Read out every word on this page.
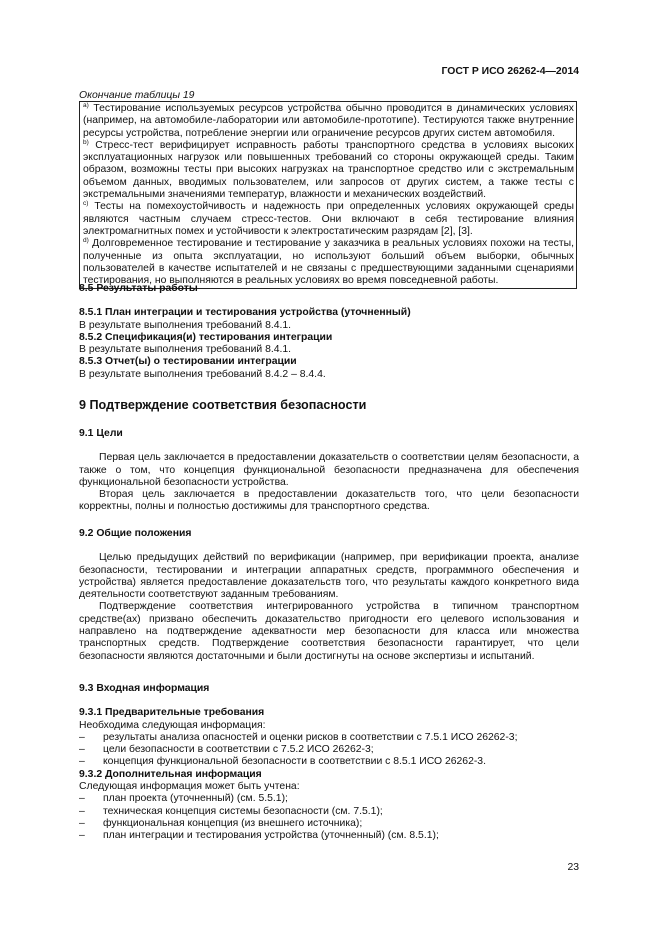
ГОСТ Р ИСО 26262-4—2014
Окончание таблицы 19

$^{a)}$ Тестирование используемых ресурсов устройства обычно проводится в динамических условиях (например, на автомобиле-лаборатории или автомобиле-прототипе). Тестируются также внутренние ресурсы устройства, потребление энергии или ограничение ресурсов других систем автомобиля.

$^{b)}$ Стресс-тест верифицирует исправность работы транспортного средства в условиях высоких эксплуатационных нагрузок или повышенных требований со стороны окружающей среды. Таким образом, возможны тесты при высоких нагрузках на транспортное средство или с экстремальным объемом данных, вводимых пользователем, или запросов от других систем, а также тесты с экстремальными значениями температур, влажности и механических воздействий.

$^{c)}$ Тесты на помехоустойчивость и надежность при определенных условиях окружающей среды являются частным случаем стресс-тестов. Они включают в себя тестирование влияния электромагнитных помех и устойчивости к электростатическим разрядам [2], [3].

$^{d)}$ Долговременное тестирование и тестирование у заказчика в реальных условиях похожи на тесты, полученные из опыта эксплуатации, но используют больший объем выборки, обычных пользователей в качестве испытателей и не связаны с предшествующими заданными сценариями тестирования, но выполняются в реальных условиях во время повседневной работы.

8.5 Результаты работы

8.5.1 План интеграции и тестирования устройства (уточненный)

В результате выполнения требований 8.4.1.

8.5.2 Спецификация(и) тестирования интеграции

В результате выполнения требований 8.4.1.

8.5.3 Отчет(ы) о тестировании интеграции

В результате выполнения требований 8.4.2 – 8.4.4.

9 Подтверждение соответствия безопасности

9.1 Цели

Первая цель заключается в предоставлении доказательств о соответствии целям безопасности, а также о том, что концепция функциональной безопасности предназначена для обеспечения функциональной безопасности устройства.

Вторая цель заключается в предоставлении доказательств того, что цели безопасности корректны, полны и полностью достижимы для транспортного средства.

9.2 Общие положения

Целью предыдущих действий по верификации (например, при верификации проекта, анализе безопасности, тестировании и интеграции аппаратных средств, программного обеспечения и устройства) является предоставление доказательств того, что результаты каждого конкретного вида деятельности соответствуют заданным требованиям.

Подтверждение соответствия интегрированного устройства в типичном транспортном средстве(ах) призвано обеспечить доказательство пригодности его целевого использования и направлено на подтверждение адекватности мер безопасности для класса или множества транспортных средств. Подтверждение соответствия безопасности гарантирует, что цели безопасности являются достаточными и были достигнуты на основе экспертизы и испытаний.

9.3 Входная информация

9.3.1 Предварительные требования

Необходима следующая информация:

– результаты анализа опасностей и оценки рисков в соответствии с 7.5.1 ИСО 26262-3;
– цели безопасности в соответствии с 7.5.2 ИСО 26262-3;
– концепция функциональной безопасности в соответствии с 8.5.1 ИСО 26262-3.

9.3.2 Дополнительная информация

Следующая информация может быть учтена:

– план проекта (уточненный) (см. 5.5.1);
– техническая концепция системы безопасности (см. 7.5.1);
– функциональная концепция (из внешнего источника);
– план интеграции и тестирования устройства (уточненный) (см. 8.5.1);
23
